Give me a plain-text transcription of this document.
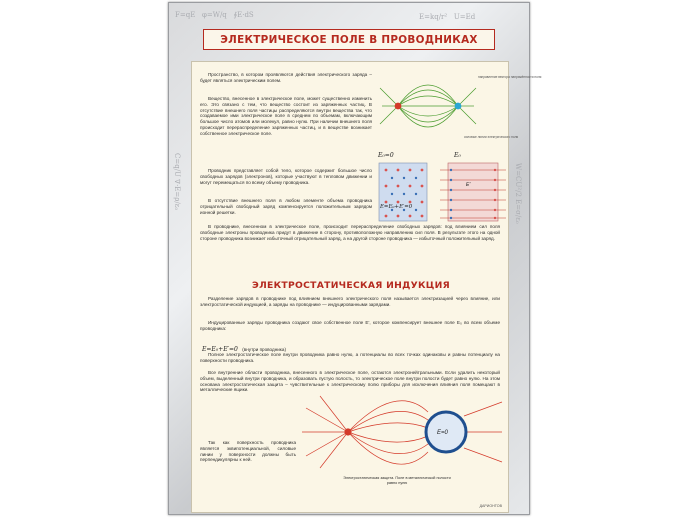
F=qE   φ=W/q   ∮E·dS	E=kq/r²   U=Ed
C=q/U ∇·E=ρ/ε₀	W=CU²/2 E=σ/ε₀
ЭЛЕКТРИЧЕСКОЕ ПОЛЕ В ПРОВОДНИКАХ

Пространство, в котором проявляются действия электрического заряда – будет являться электрическим полем.

Вещество, внесенное в электрическое поле, может существенно изменить его. Это связано с тем, что вещество состоит из заряженных частиц. В отсутствие внешнего поля частицы распределяются внутри вещества так, что создаваемое ими электрическое поле в среднем по объемам, включающим большое число атомов или молекул, равно нулю. При наличии внешнего поля происходит перераспределение заряженных частиц, и в веществе возникает собственное электрическое поле.

Проводник представляет собой тело, которое содержит большое число свободных зарядов (электронов), которые участвуют в тепловом движении и могут перемещаться по всему объему проводника.

В отсутствие внешнего поля в любом элементе объема проводника отрицательный свободный заряд компенсируется положительным зарядом ионной решетки.

В проводнике, внесенном в электрическое поле, происходит перераспределение свободных зарядов: под влиянием сил поля свободные электроны проводника придут в движение в сторону, противоположную направлению сил поля. В результате этого на одной стороне проводника возникает избыточный отрицательный заряд, а на другой стороне проводника — избыточный положительный заряд.

направление вектора напряжённости поля
силовые линии электрического поля
E₀=0	E₀
E′
E=E₀+E′=0
ЭЛЕКТРОСТАТИЧЕСКАЯ ИНДУКЦИЯ

Разделение зарядов в проводнике под влиянием внешнего электрического поля называется электризацией через влияние, или электростатической индукцией, а заряды на проводнике — индуцированными зарядами.

Индуцированные заряды проводника создают свое собственное поле E′, которое компенсирует внешнее поле E₀ во всем объеме проводника:

E=E₀+E′=0 (внутри проводника)

Полное электростатическое поле внутри проводника равно нулю, а потенциалы во всех точках одинаковы и равны потенциалу на поверхности проводника.

Все внутренние области проводника, внесенного в электрическое поле, остаются электронейтральными. Если удалить некоторый объем, выделенный внутри проводника, и образовать пустую полость, то электрическое поле внутри полости будет равно нулю. На этом основана электростатическая защита – чувствительные к электрическому полю приборы для исключения влияния поля помещают в металлические ящики.

Так как поверхность проводника является эквипотенциальной, силовые линии у поверхности должны быть перпендикулярны к ней.

E=0
Электростатическая защита. Поле в металлической полости равно нулю
ДАРИОНТОВ
